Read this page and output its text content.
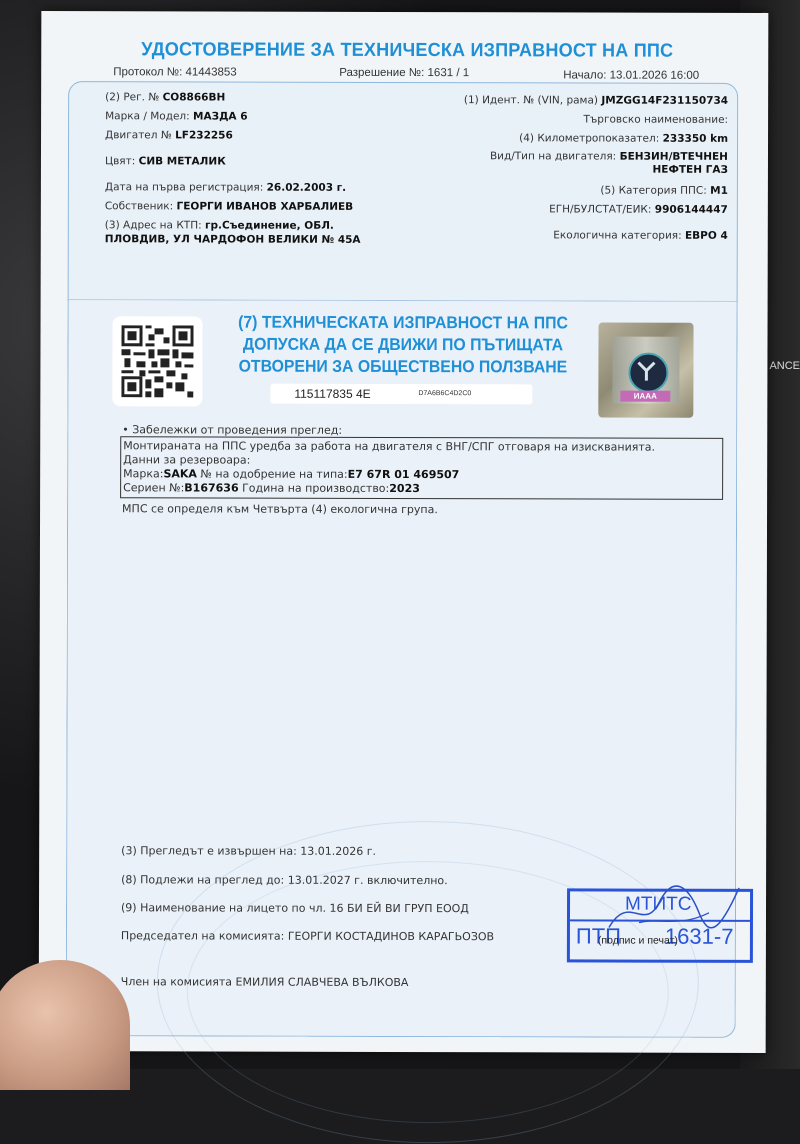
ANCE
УДОСТОВЕРЕНИЕ ЗА ТЕХНИЧЕСКА ИЗПРАВНОСТ НА ППС
Протокол №: 41443853	Разрешение №: 1631 / 1	Начало: 13.01.2026 16:00
(2) Рег. № СО8866ВН
Марка / Модел: МАЗДА 6
Двигател № LF232256
Цвят: СИВ МЕТАЛИК
Дата на първа регистрация: 26.02.2003 г.
Собственик: ГЕОРГИ ИВАНОВ ХАРБАЛИЕВ
(3) Адрес на КТП: гр.Съединение, ОБЛ.
ПЛОВДИВ, УЛ ЧАРДОФОН ВЕЛИКИ № 45А
(1) Идент. № (VIN, рама) JMZGG14F231150734
Търговско наименование:
(4) Километропоказател: 233350 km
Вид/Тип на двигателя: БЕНЗИН/ВТЕЧНЕН
НЕФТЕН ГАЗ
(5) Категория ППС: M1
ЕГН/БУЛСТАТ/ЕИК: 9906144447
Екологична категория: ЕВРО 4
(7) ТЕХНИЧЕСКАТА ИЗПРАВНОСТ НА ППС
ДОПУСКА ДА СЕ ДВИЖИ ПО ПЪТИЩАТА
ОТВОРЕНИ ЗА ОБЩЕСТВЕНО ПОЛЗВАНЕ
115117835 4E	D7A6B6C4D2C0	ИААА
• Забележки от проведения преглед:
Монтираната на ППС уредба за работа на двигателя с ВНГ/СПГ отговаря на изискванията.
Данни за резервоара:
Марка:SAKA № на одобрение на типа:E7 67R 01 469507
Сериен №:B167636 Година на производство:2023
МПС се определя към Четвърта (4) екологична група.
(3) Прегледът е извършен на: 13.01.2026 г.
(8) Подлежи на преглед до: 13.01.2027 г. включително.
(9) Наименование на лицето по чл. 16 БИ ЕЙ ВИ ГРУП ЕООД
Председател на комисията: ГЕОРГИ КОСТАДИНОВ КАРАГЬОЗОВ
Член на комисията ЕМИЛИЯ СЛАВЧЕВА ВЪЛКОВА
МТИТС
ПТП 1631-7
(подпис и печат)
